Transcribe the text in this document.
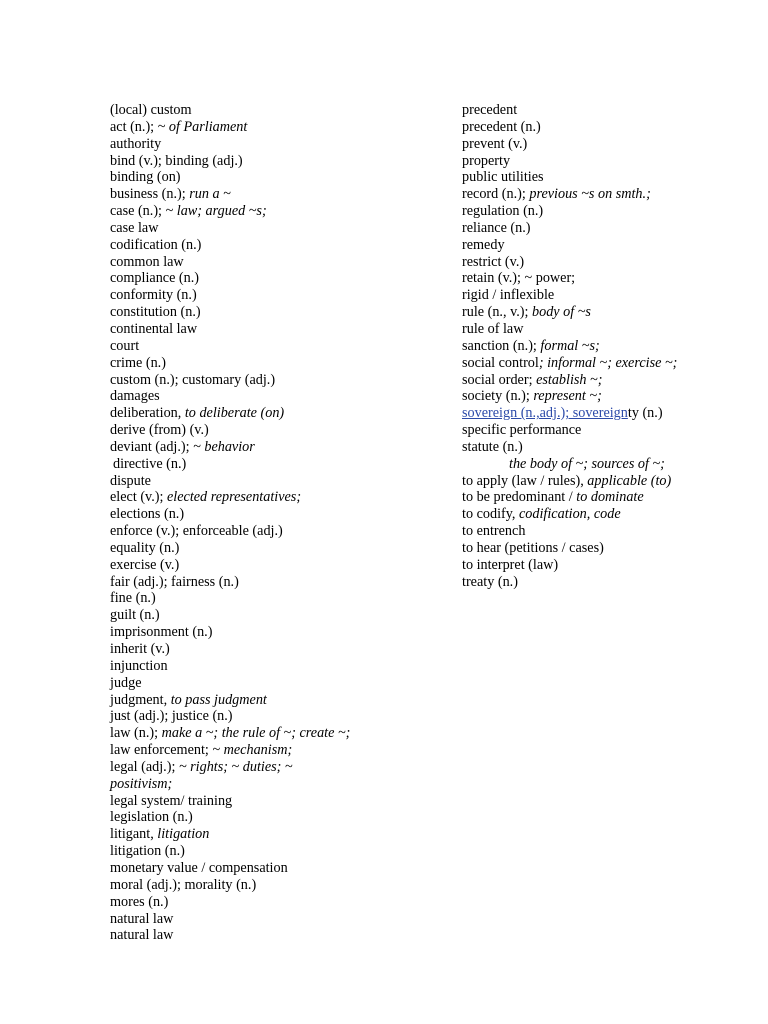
(local) custom
act (n.); ~ of Parliament
authority
bind (v.); binding (adj.)
binding (on)
business (n.); run a ~
case (n.); ~ law; argued ~s;
case law
codification (n.)
common law
compliance (n.)
conformity (n.)
constitution (n.)
continental law
court
crime (n.)
custom (n.); customary (adj.)
damages
deliberation, to deliberate (on)
derive (from) (v.)
deviant (adj.); ~ behavior
directive (n.)
dispute
elect (v.); elected representatives;
elections (n.)
enforce (v.); enforceable (adj.)
equality (n.)
exercise (v.)
fair (adj.); fairness (n.)
fine (n.)
guilt (n.)
imprisonment (n.)
inherit (v.)
injunction
judge
judgment, to pass judgment
just (adj.); justice (n.)
law (n.); make a ~; the rule of ~; create ~;
law enforcement; ~ mechanism;
legal (adj.); ~ rights; ~ duties; ~
positivism;
legal system/ training
legislation (n.)
litigant, litigation
litigation (n.)
monetary value / compensation
moral (adj.); morality (n.)
mores (n.)
natural law
natural law
precedent
precedent (n.)
prevent (v.)
property
public utilities
record (n.); previous ~s on smth.;
regulation (n.)
reliance (n.)
remedy
restrict (v.)
retain (v.); ~ power;
rigid / inflexible
rule (n., v.); body of ~s
rule of law
sanction (n.); formal ~s;
social control; informal ~; exercise ~;
social order; establish ~;
society (n.); represent ~;
sovereign (n.,adj.); sovereignty (n.)
specific performance
statute (n.)
the body of ~; sources of ~;
to apply (law / rules), applicable (to)
to be predominant / to dominate
to codify, codification, code
to entrench
to hear (petitions / cases)
to interpret (law)
treaty (n.)
